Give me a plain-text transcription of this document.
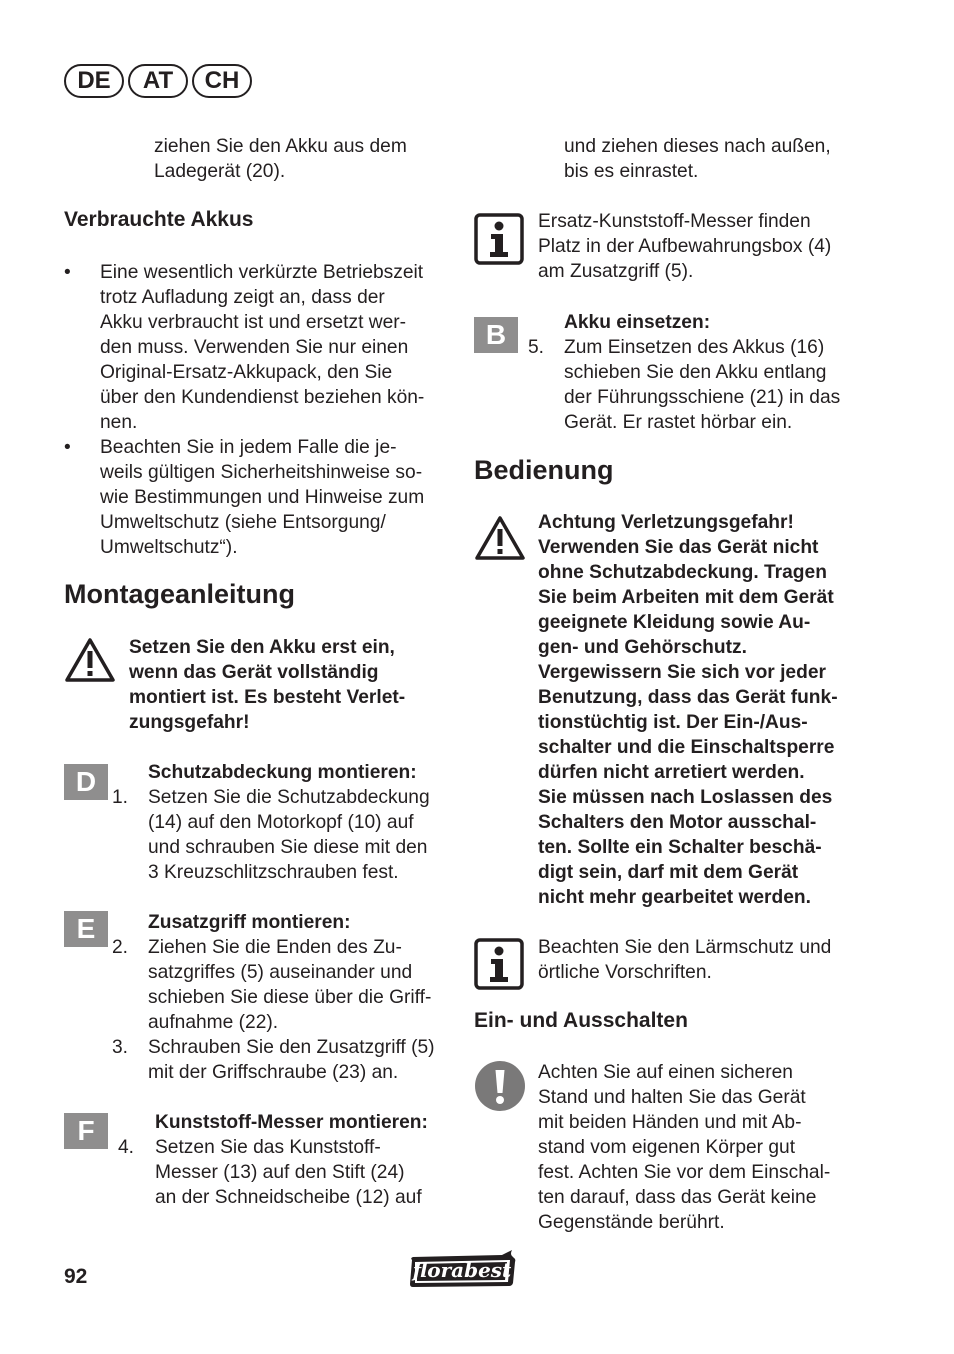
DE	AT	CH
ziehen Sie den Akku aus dem
Ladegerät (20).
Verbrauchte Akkus
• Eine wesentlich verkürzte Betriebszeit
trotz Aufladung zeigt an, dass der
Akku verbraucht ist und ersetzt wer-
den muss. Verwenden Sie nur einen
Original-Ersatz-Akkupack, den Sie
über den Kundendienst beziehen kön-
nen.
• Beachten Sie in jedem Falle die je-
weils gültigen Sicherheitshinweise so-
wie Bestimmungen und Hinweise zum
Umweltschutz (siehe Entsorgung/
Umweltschutz“).
Montageanleitung
Setzen Sie den Akku erst ein,
wenn das Gerät vollständig
montiert ist. Es besteht Verlet-
zungsgefahr!
D	Schutzabdeckung montieren:
1. Setzen Sie die Schutzabdeckung
(14) auf den Motorkopf (10) auf
und schrauben Sie diese mit den
3 Kreuzschlitzschrauben fest.
E	Zusatzgriff montieren:
2. Ziehen Sie die Enden des Zu-
satzgriffes (5) auseinander und
schieben Sie diese über die Griff-
aufnahme (22).
3. Schrauben Sie den Zusatzgriff (5)
mit der Griffschraube (23) an.
F	Kunststoff-Messer montieren:
4. Setzen Sie das Kunststoff-
Messer (13) auf den Stift (24)
an der Schneidscheibe (12) auf
und ziehen dieses nach außen,
bis es einrastet.
Ersatz-Kunststoff-Messer finden
Platz in der Aufbewahrungsbox (4)
am Zusatzgriff (5).
B	Akku einsetzen:
5. Zum Einsetzen des Akkus (16)
schieben Sie den Akku entlang
der Führungsschiene (21) in das
Gerät. Er rastet hörbar ein.
Bedienung
Achtung Verletzungsgefahr!
Verwenden Sie das Gerät nicht
ohne Schutzabdeckung. Tragen
Sie beim Arbeiten mit dem Gerät
geeignete Kleidung sowie Au-
gen- und Gehörschutz.
Vergewissern Sie sich vor jeder
Benutzung, dass das Gerät funk-
tionstüchtig ist. Der Ein-/Aus-
schalter und die Einschaltsperre
dürfen nicht arretiert werden.
Sie müssen nach Loslassen des
Schalters den Motor ausschal-
ten. Sollte ein Schalter beschä-
digt sein, darf mit dem Gerät
nicht mehr gearbeitet werden.
Beachten Sie den Lärmschutz und
örtliche Vorschriften.
Ein- und Ausschalten
Achten Sie auf einen sicheren
Stand und halten Sie das Gerät
mit beiden Händen und mit Ab-
stand vom eigenen Körper gut
fest. Achten Sie vor dem Einschal-
ten darauf, dass das Gerät keine
Gegenstände berührt.
92	florabest
